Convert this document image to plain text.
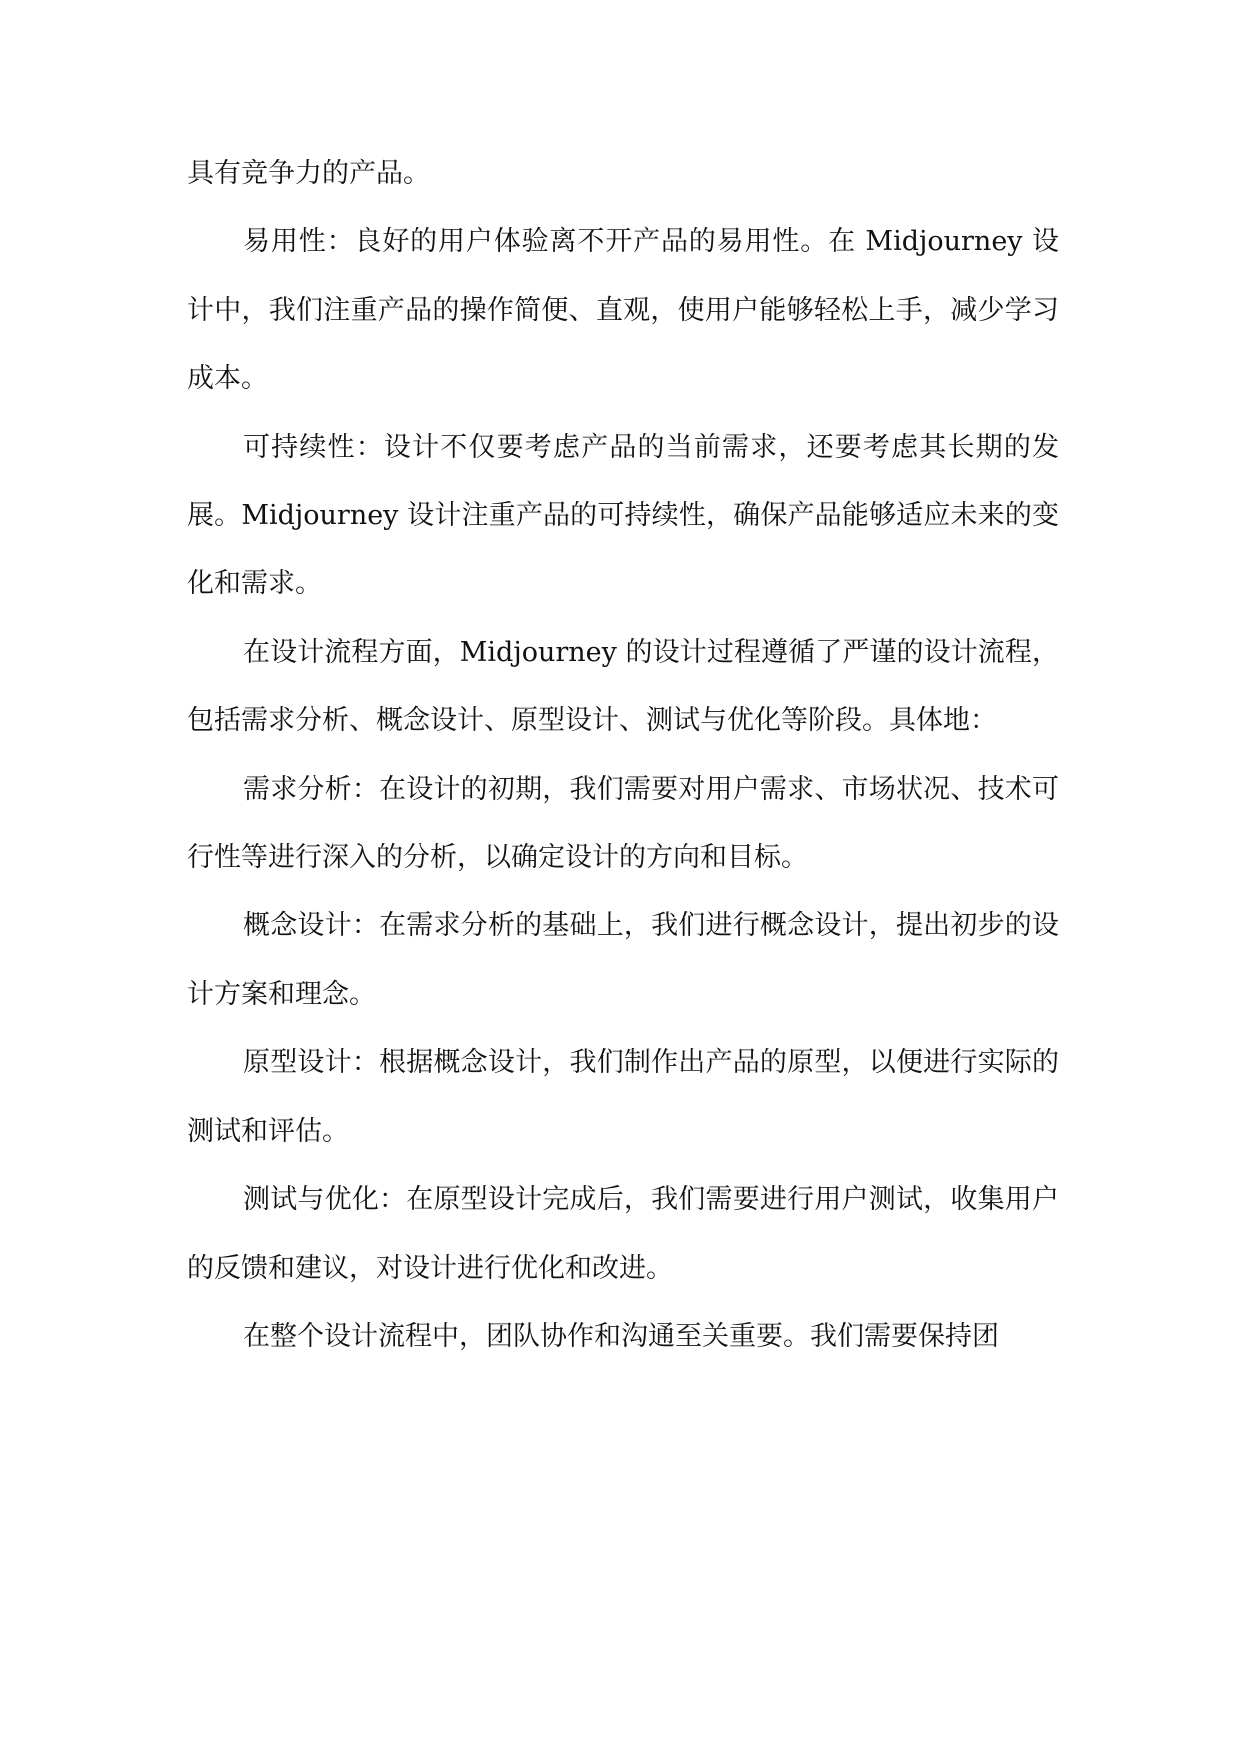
具有竞争力的产品。

易用性：良好的用户体验离不开产品的易用性。在 Midjourney 设计中，我们注重产品的操作简便、直观，使用户能够轻松上手，减少学习成本。

可持续性：设计不仅要考虑产品的当前需求，还要考虑其长期的发展。Midjourney 设计注重产品的可持续性，确保产品能够适应未来的变化和需求。

在设计流程方面，Midjourney 的设计过程遵循了严谨的设计流程，包括需求分析、概念设计、原型设计、测试与优化等阶段。具体地：

需求分析：在设计的初期，我们需要对用户需求、市场状况、技术可行性等进行深入的分析，以确定设计的方向和目标。

概念设计：在需求分析的基础上，我们进行概念设计，提出初步的设计方案和理念。

原型设计：根据概念设计，我们制作出产品的原型，以便进行实际的测试和评估。

测试与优化：在原型设计完成后，我们需要进行用户测试，收集用户的反馈和建议，对设计进行优化和改进。

在整个设计流程中，团队协作和沟通至关重要。我们需要保持团
